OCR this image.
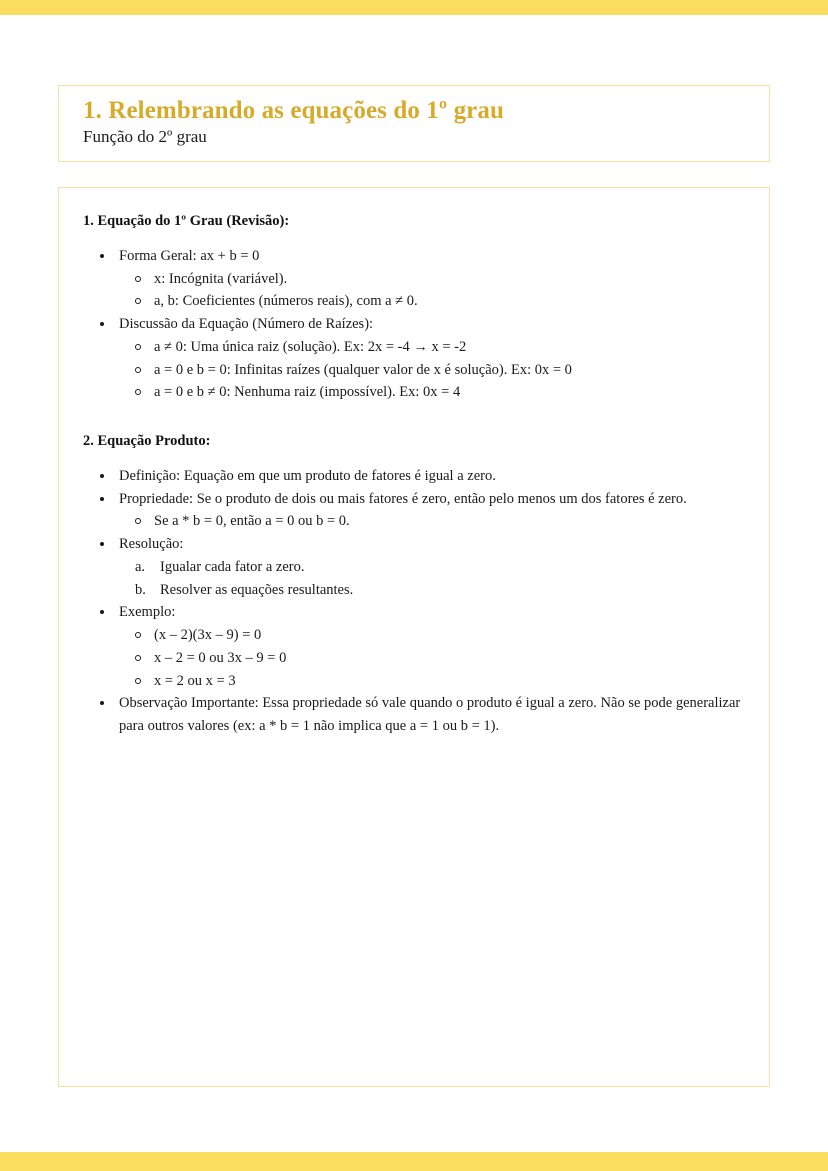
1. Relembrando as equações do 1º grau
Função do 2º grau
1. Equação do 1º Grau (Revisão):
Forma Geral: ax + b = 0
x: Incógnita (variável).
a, b: Coeficientes (números reais), com a ≠ 0.
Discussão da Equação (Número de Raízes):
a ≠ 0: Uma única raiz (solução). Ex: 2x = -4 → x = -2
a = 0 e b = 0: Infinitas raízes (qualquer valor de x é solução). Ex: 0x = 0
a = 0 e b ≠ 0: Nenhuma raiz (impossível). Ex: 0x = 4
2. Equação Produto:
Definição: Equação em que um produto de fatores é igual a zero.
Propriedade: Se o produto de dois ou mais fatores é zero, então pelo menos um dos fatores é zero.
Se a * b = 0, então a = 0 ou b = 0.
Resolução:
a. Igualar cada fator a zero.
b. Resolver as equações resultantes.
Exemplo:
(x – 2)(3x – 9) = 0
x – 2 = 0 ou 3x – 9 = 0
x = 2 ou x = 3
Observação Importante: Essa propriedade só vale quando o produto é igual a zero. Não se pode generalizar para outros valores (ex: a * b = 1 não implica que a = 1 ou b = 1).
